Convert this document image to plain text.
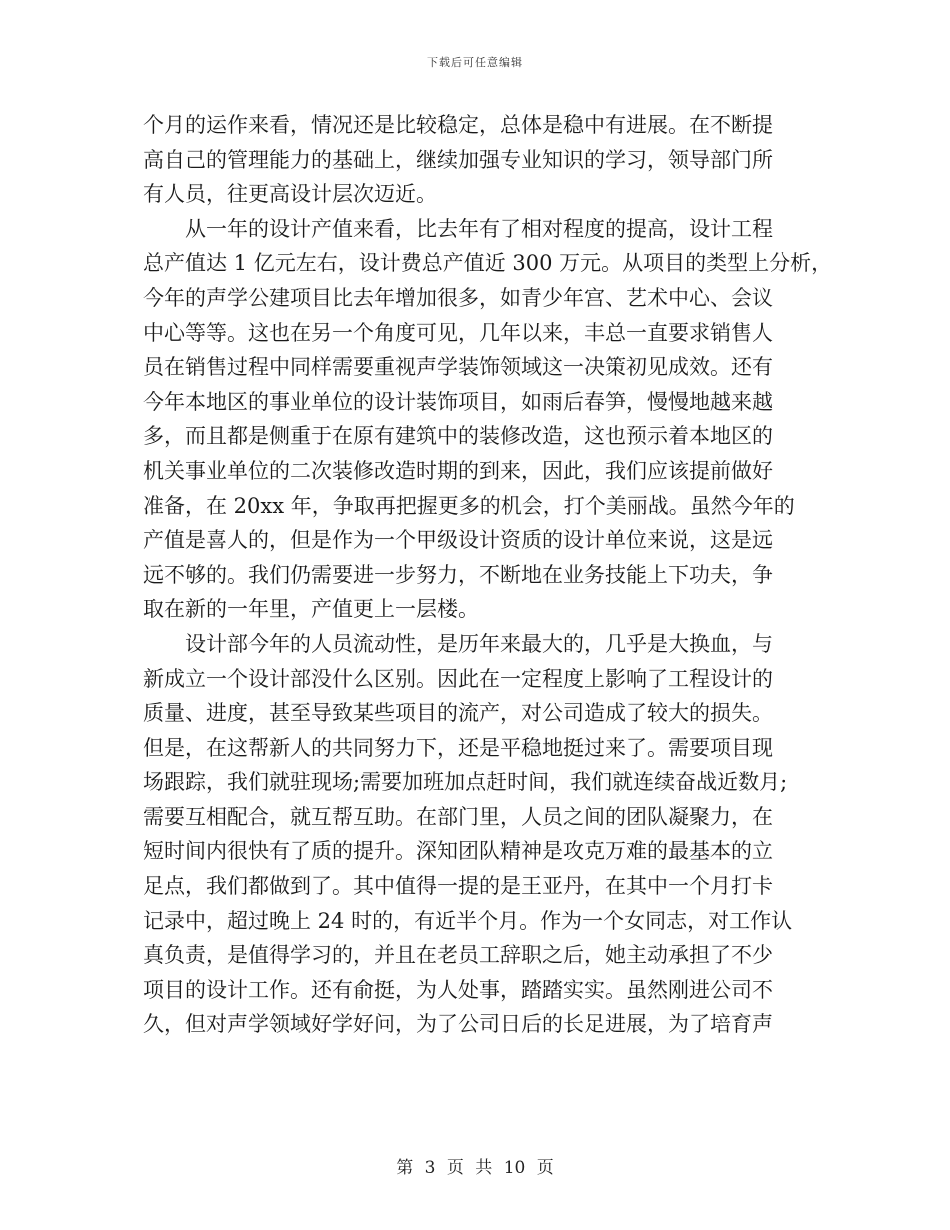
下载后可任意编辑
个月的运作来看，情况还是比较稳定，总体是稳中有进展。在不断提
高自己的管理能力的基础上，继续加强专业知识的学习，领导部门所
有人员，往更高设计层次迈近。
从一年的设计产值来看，比去年有了相对程度的提高，设计工程
总产值达 1 亿元左右，设计费总产值近 300 万元。从项目的类型上分析，
今年的声学公建项目比去年增加很多，如青少年宫、艺术中心、会议
中心等等。这也在另一个角度可见，几年以来，丰总一直要求销售人
员在销售过程中同样需要重视声学装饰领域这一决策初见成效。还有
今年本地区的事业单位的设计装饰项目，如雨后春笋，慢慢地越来越
多，而且都是侧重于在原有建筑中的装修改造，这也预示着本地区的
机关事业单位的二次装修改造时期的到来，因此，我们应该提前做好
准备，在 20xx 年，争取再把握更多的机会，打个美丽战。虽然今年的
产值是喜人的，但是作为一个甲级设计资质的设计单位来说，这是远
远不够的。我们仍需要进一步努力，不断地在业务技能上下功夫，争
取在新的一年里，产值更上一层楼。
设计部今年的人员流动性，是历年来最大的，几乎是大换血，与
新成立一个设计部没什么区别。因此在一定程度上影响了工程设计的
质量、进度，甚至导致某些项目的流产，对公司造成了较大的损失。
但是，在这帮新人的共同努力下，还是平稳地挺过来了。需要项目现
场跟踪，我们就驻现场;需要加班加点赶时间，我们就连续奋战近数月;
需要互相配合，就互帮互助。在部门里，人员之间的团队凝聚力，在
短时间内很快有了质的提升。深知团队精神是攻克万难的最基本的立
足点，我们都做到了。其中值得一提的是王亚丹，在其中一个月打卡
记录中，超过晚上 24 时的，有近半个月。作为一个女同志，对工作认
真负责，是值得学习的，并且在老员工辞职之后，她主动承担了不少
项目的设计工作。还有俞挺，为人处事，踏踏实实。虽然刚进公司不
久，但对声学领域好学好问，为了公司日后的长足进展，为了培育声
第 3 页 共 10 页
